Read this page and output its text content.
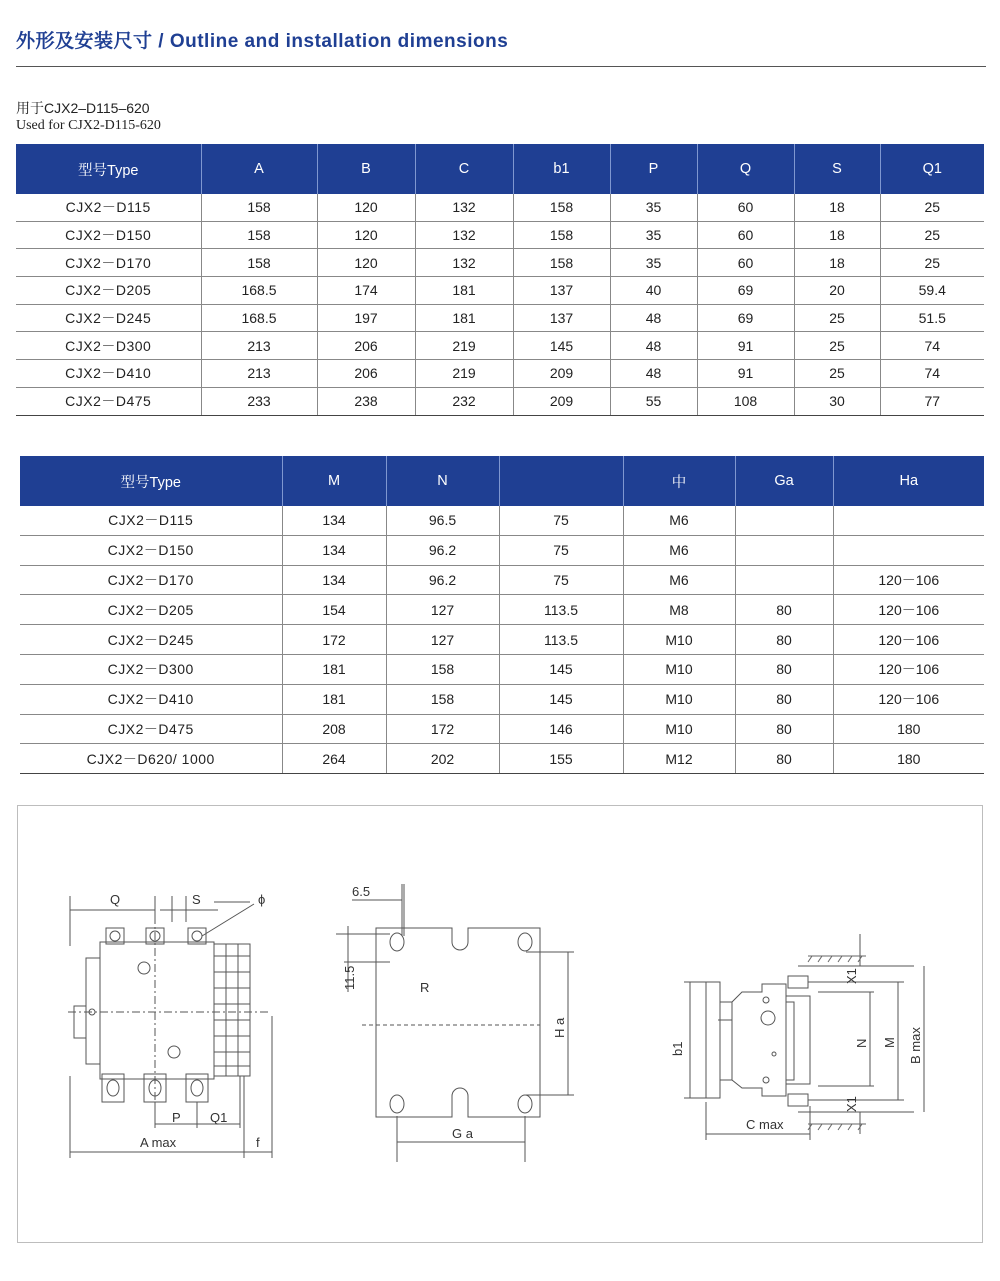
外形及安装尺寸 / Outline and installation dimensions
用于CJX2–D115–620
Used for CJX2-D115-620
型号Type	A	B	C	b1	P	Q	S	Q1
CJX2－D115	158	120	132	158	35	60	18	25
CJX2－D150	158	120	132	158	35	60	18	25
CJX2－D170	158	120	132	158	35	60	18	25
CJX2－D205	168.5	174	181	137	40	69	20	59.4
CJX2－D245	168.5	197	181	137	48	69	25	51.5
CJX2－D300	213	206	219	145	48	91	25	74
CJX2－D410	213	206	219	209	48	91	25	74
CJX2－D475	233	238	232	209	55	108	30	77
型号Type	M	N		中	Ga	Ha
CJX2－D115	134	96.5	75	M6		
CJX2－D150	134	96.2	75	M6		
CJX2－D170	134	96.2	75	M6		120－106
CJX2－D205	154	127	113.5	M8	80	120－106
CJX2－D245	172	127	113.5	M10	80	120－106
CJX2－D300	181	158	145	M10	80	120－106
CJX2－D410	181	158	145	M10	80	120－106
CJX2－D475	208	172	146	M10	80	180
CJX2－D620/ 1000	264	202	155	M12	80	180
Q	S	ϕ
P Q1
A max	f
6.5
11.5	R
H a
G a
b1
X1
X1
N M B max
C max
